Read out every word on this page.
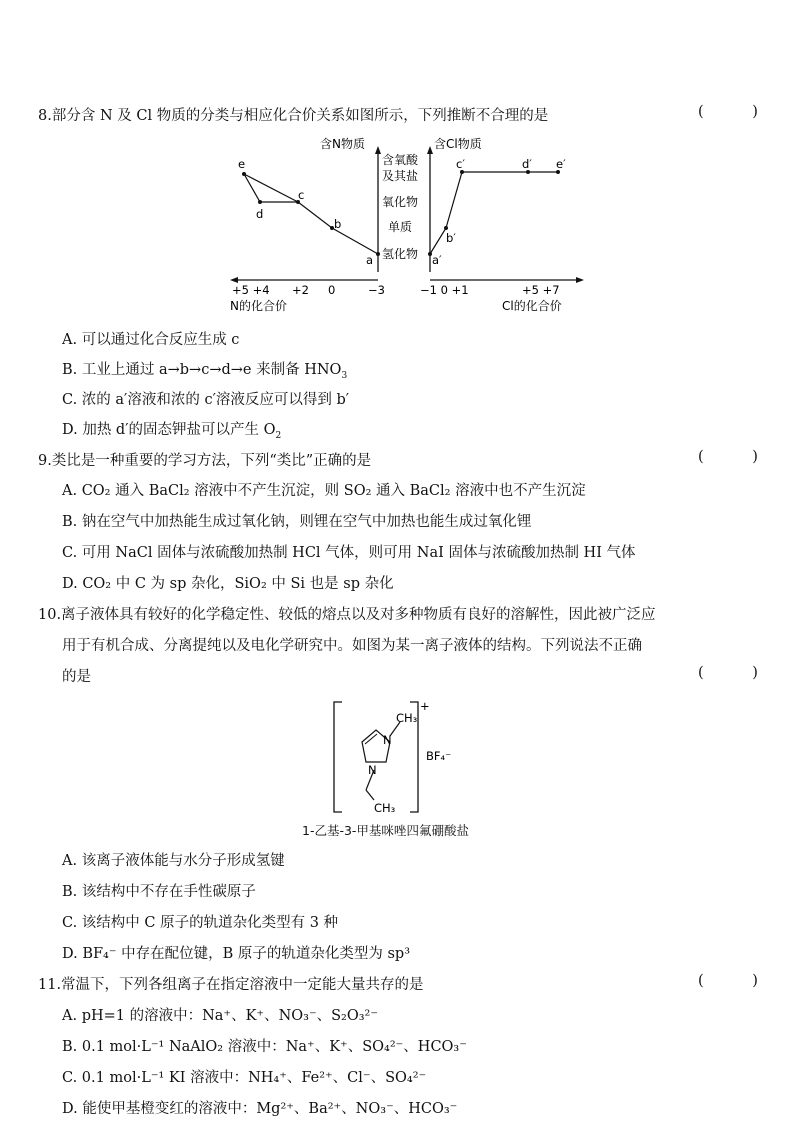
8.部分含 N 及 Cl 物质的分类与相应化合价关系如图所示，下列推断不合理的是	( )
e
d
c
b
a
c′	d′ e′
b′
a′
含氧酸
及其盐
氧化物
单质
氢化物
含N物质	含Cl物质
+5 +4 +2 0	−3	−1 0 +1	+5 +7
N的化合价	Cl的化合价
A. 可以通过化合反应生成 c
B. 工业上通过 a→b→c→d→e 来制备 $HNO_3$
C. 浓的 a′溶液和浓的 c′溶液反应可以得到 b′
D. 加热 d′的固态钾盐可以产生 $O_2$
9.类比是一种重要的学习方法，下列“类比”正确的是	( )
A. CO₂ 通入 BaCl₂ 溶液中不产生沉淀，则 SO₂ 通入 BaCl₂ 溶液中也不产生沉淀
B. 钠在空气中加热能生成过氧化钠，则锂在空气中加热也能生成过氧化锂
C. 可用 NaCl 固体与浓硫酸加热制 HCl 气体，则可用 NaI 固体与浓硫酸加热制 HI 气体
D. CO₂ 中 C 为 sp 杂化，SiO₂ 中 Si 也是 sp 杂化
10.离子液体具有较好的化学稳定性、较低的熔点以及对多种物质有良好的溶解性，因此被广泛应
用于有机合成、分离提纯以及电化学研究中。如图为某一离子液体的结构。下列说法不正确
的是	( )
N
N
CH₃
CH₃
+
BF₄⁻
1-乙基-3-甲基咪唑四氟硼酸盐
A. 该离子液体能与水分子形成氢键
B. 该结构中不存在手性碳原子
C. 该结构中 C 原子的轨道杂化类型有 3 种
D. BF₄⁻ 中存在配位键，B 原子的轨道杂化类型为 sp³
11.常温下，下列各组离子在指定溶液中一定能大量共存的是	( )
A. pH=1 的溶液中：Na⁺、K⁺、NO₃⁻、S₂O₃²⁻
B. 0.1 mol·L⁻¹ NaAlO₂ 溶液中：Na⁺、K⁺、SO₄²⁻、HCO₃⁻
C. 0.1 mol·L⁻¹ KI 溶液中：NH₄⁺、Fe²⁺、Cl⁻、SO₄²⁻
D. 能使甲基橙变红的溶液中：Mg²⁺、Ba²⁺、NO₃⁻、HCO₃⁻
